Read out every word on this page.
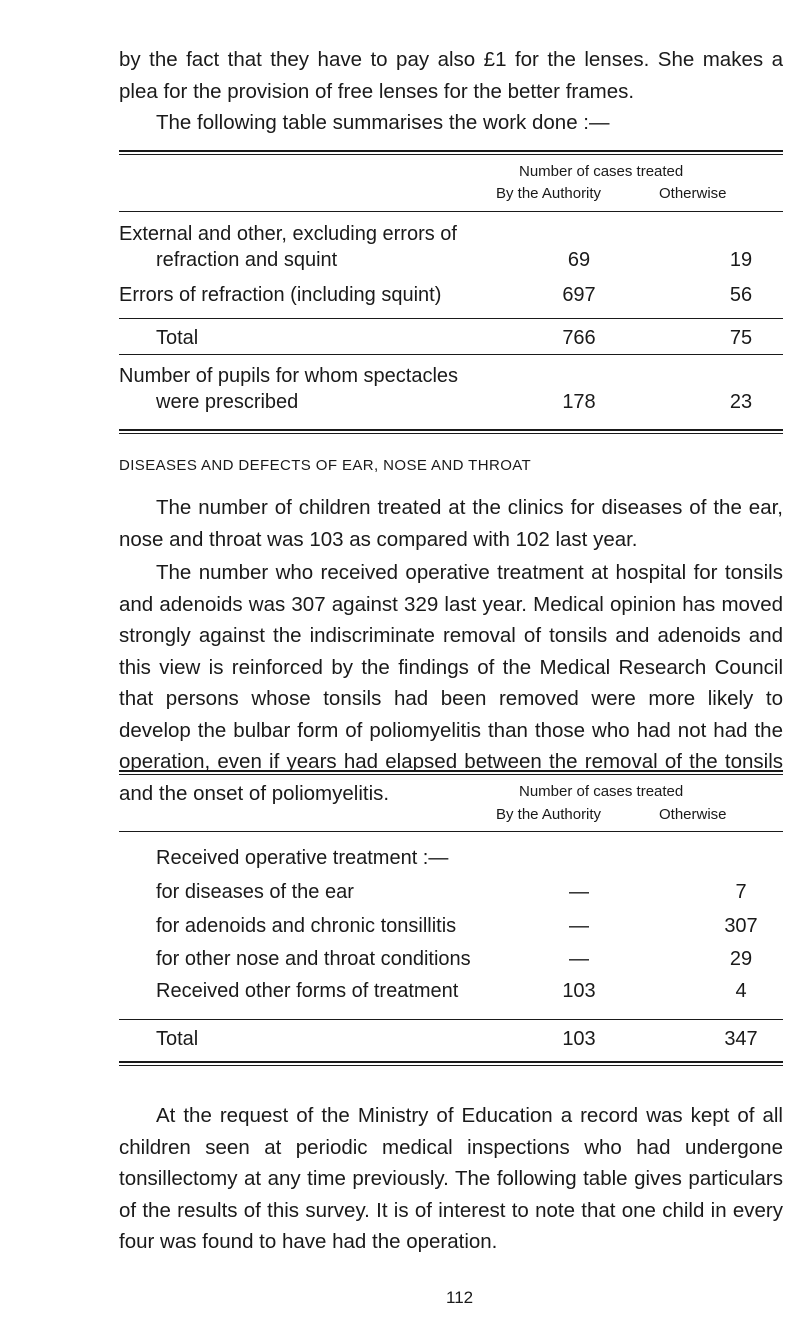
by the fact that they have to pay also £1 for the lenses. She makes a plea for the provision of free lenses for the better frames.

The following table summarises the work done :—

Number of cases treated
By the Authority	Otherwise
External and other, excluding errors of
refraction and squint	69	19
Errors of refraction (including squint)	697	56
Total	766	75
Number of pupils for whom spectacles
were prescribed	178	23
DISEASES AND DEFECTS OF EAR, NOSE AND THROAT

The number of children treated at the clinics for diseases of the ear, nose and throat was 103 as compared with 102 last year.

The number who received operative treatment at hospital for tonsils and adenoids was 307 against 329 last year. Medical opinion has moved strongly against the indiscriminate removal of tonsils and adenoids and this view is reinforced by the findings of the Medical Research Council that persons whose tonsils had been removed were more likely to develop the bulbar form of poliomyelitis than those who had not had the operation, even if years had elapsed between the removal of the tonsils and the onset of poliomyelitis.	Number of cases treated
By the Authority	Otherwise
Received operative treatment :—
for diseases of the ear	—	7
for adenoids and chronic tonsillitis	—	307
for other nose and throat conditions	—	29
Received other forms of treatment	103	4
Total	103	347

At the request of the Ministry of Education a record was kept of all children seen at periodic medical inspections who had undergone tonsillectomy at any time previously. The following table gives particulars of the results of this survey. It is of interest to note that one child in every four was found to have had the operation.

112
